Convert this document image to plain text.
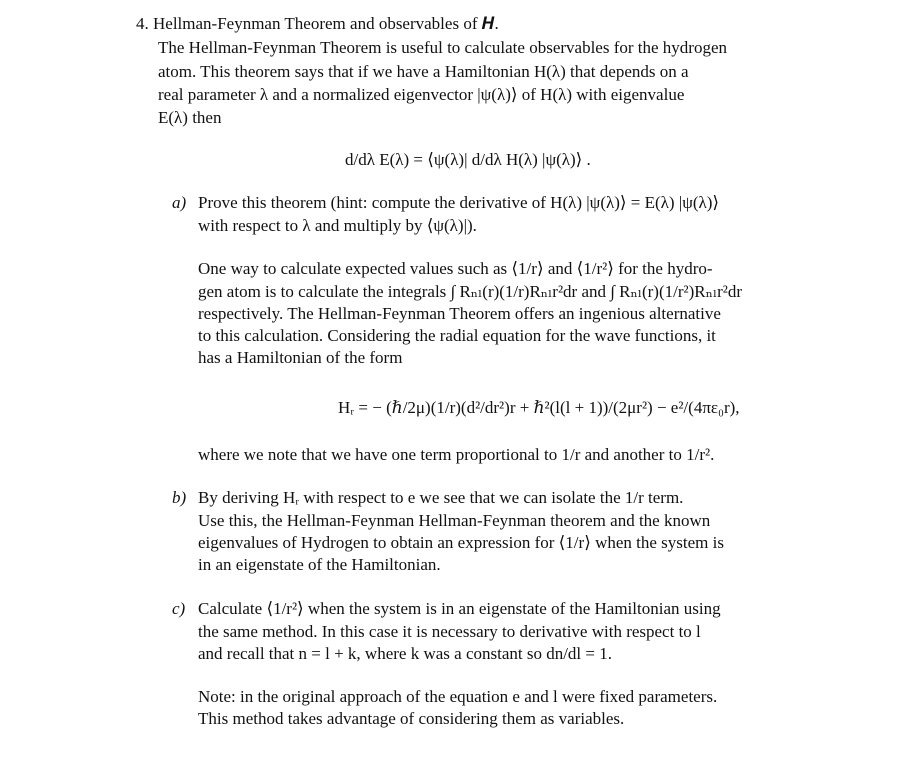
4. Hellman-Feynman Theorem and observables of 𝑯.
The Hellman-Feynman Theorem is useful to calculate observables for the hydrogen
atom. This theorem says that if we have a Hamiltonian H(λ) that depends on a
real parameter λ and a normalized eigenvector |ψ(λ)⟩ of H(λ) with eigenvalue
E(λ) then
d/dλ E(λ) = ⟨ψ(λ)| d/dλ H(λ) |ψ(λ)⟩ .
a) Prove this theorem (hint: compute the derivative of H(λ) |ψ(λ)⟩ = E(λ) |ψ(λ)⟩
with respect to λ and multiply by ⟨ψ(λ)|).
One way to calculate expected values such as ⟨1/r⟩ and ⟨1/r²⟩ for the hydro-
gen atom is to calculate the integrals ∫ Rₙₗ(r)(1/r)Rₙₗr²dr and ∫ Rₙₗ(r)(1/r²)Rₙₗr²dr
respectively. The Hellman-Feynman Theorem offers an ingenious alternative
to this calculation. Considering the radial equation for the wave functions, it
has a Hamiltonian of the form
Hᵣ = − (ℏ/2μ)(1/r)(d²/dr²)r + ℏ²(l(l + 1))/(2μr²) − e²/(4πε₀r),
where we note that we have one term proportional to 1/r and another to 1/r².
b) By deriving Hᵣ with respect to e we see that we can isolate the 1/r term.
Use this, the Hellman-Feynman Hellman-Feynman theorem and the known
eigenvalues of Hydrogen to obtain an expression for ⟨1/r⟩ when the system is
in an eigenstate of the Hamiltonian.
c) Calculate ⟨1/r²⟩ when the system is in an eigenstate of the Hamiltonian using
the same method. In this case it is necessary to derivative with respect to l
and recall that n = l + k, where k was a constant so dn/dl = 1.
Note: in the original approach of the equation e and l were fixed parameters.
This method takes advantage of considering them as variables.
